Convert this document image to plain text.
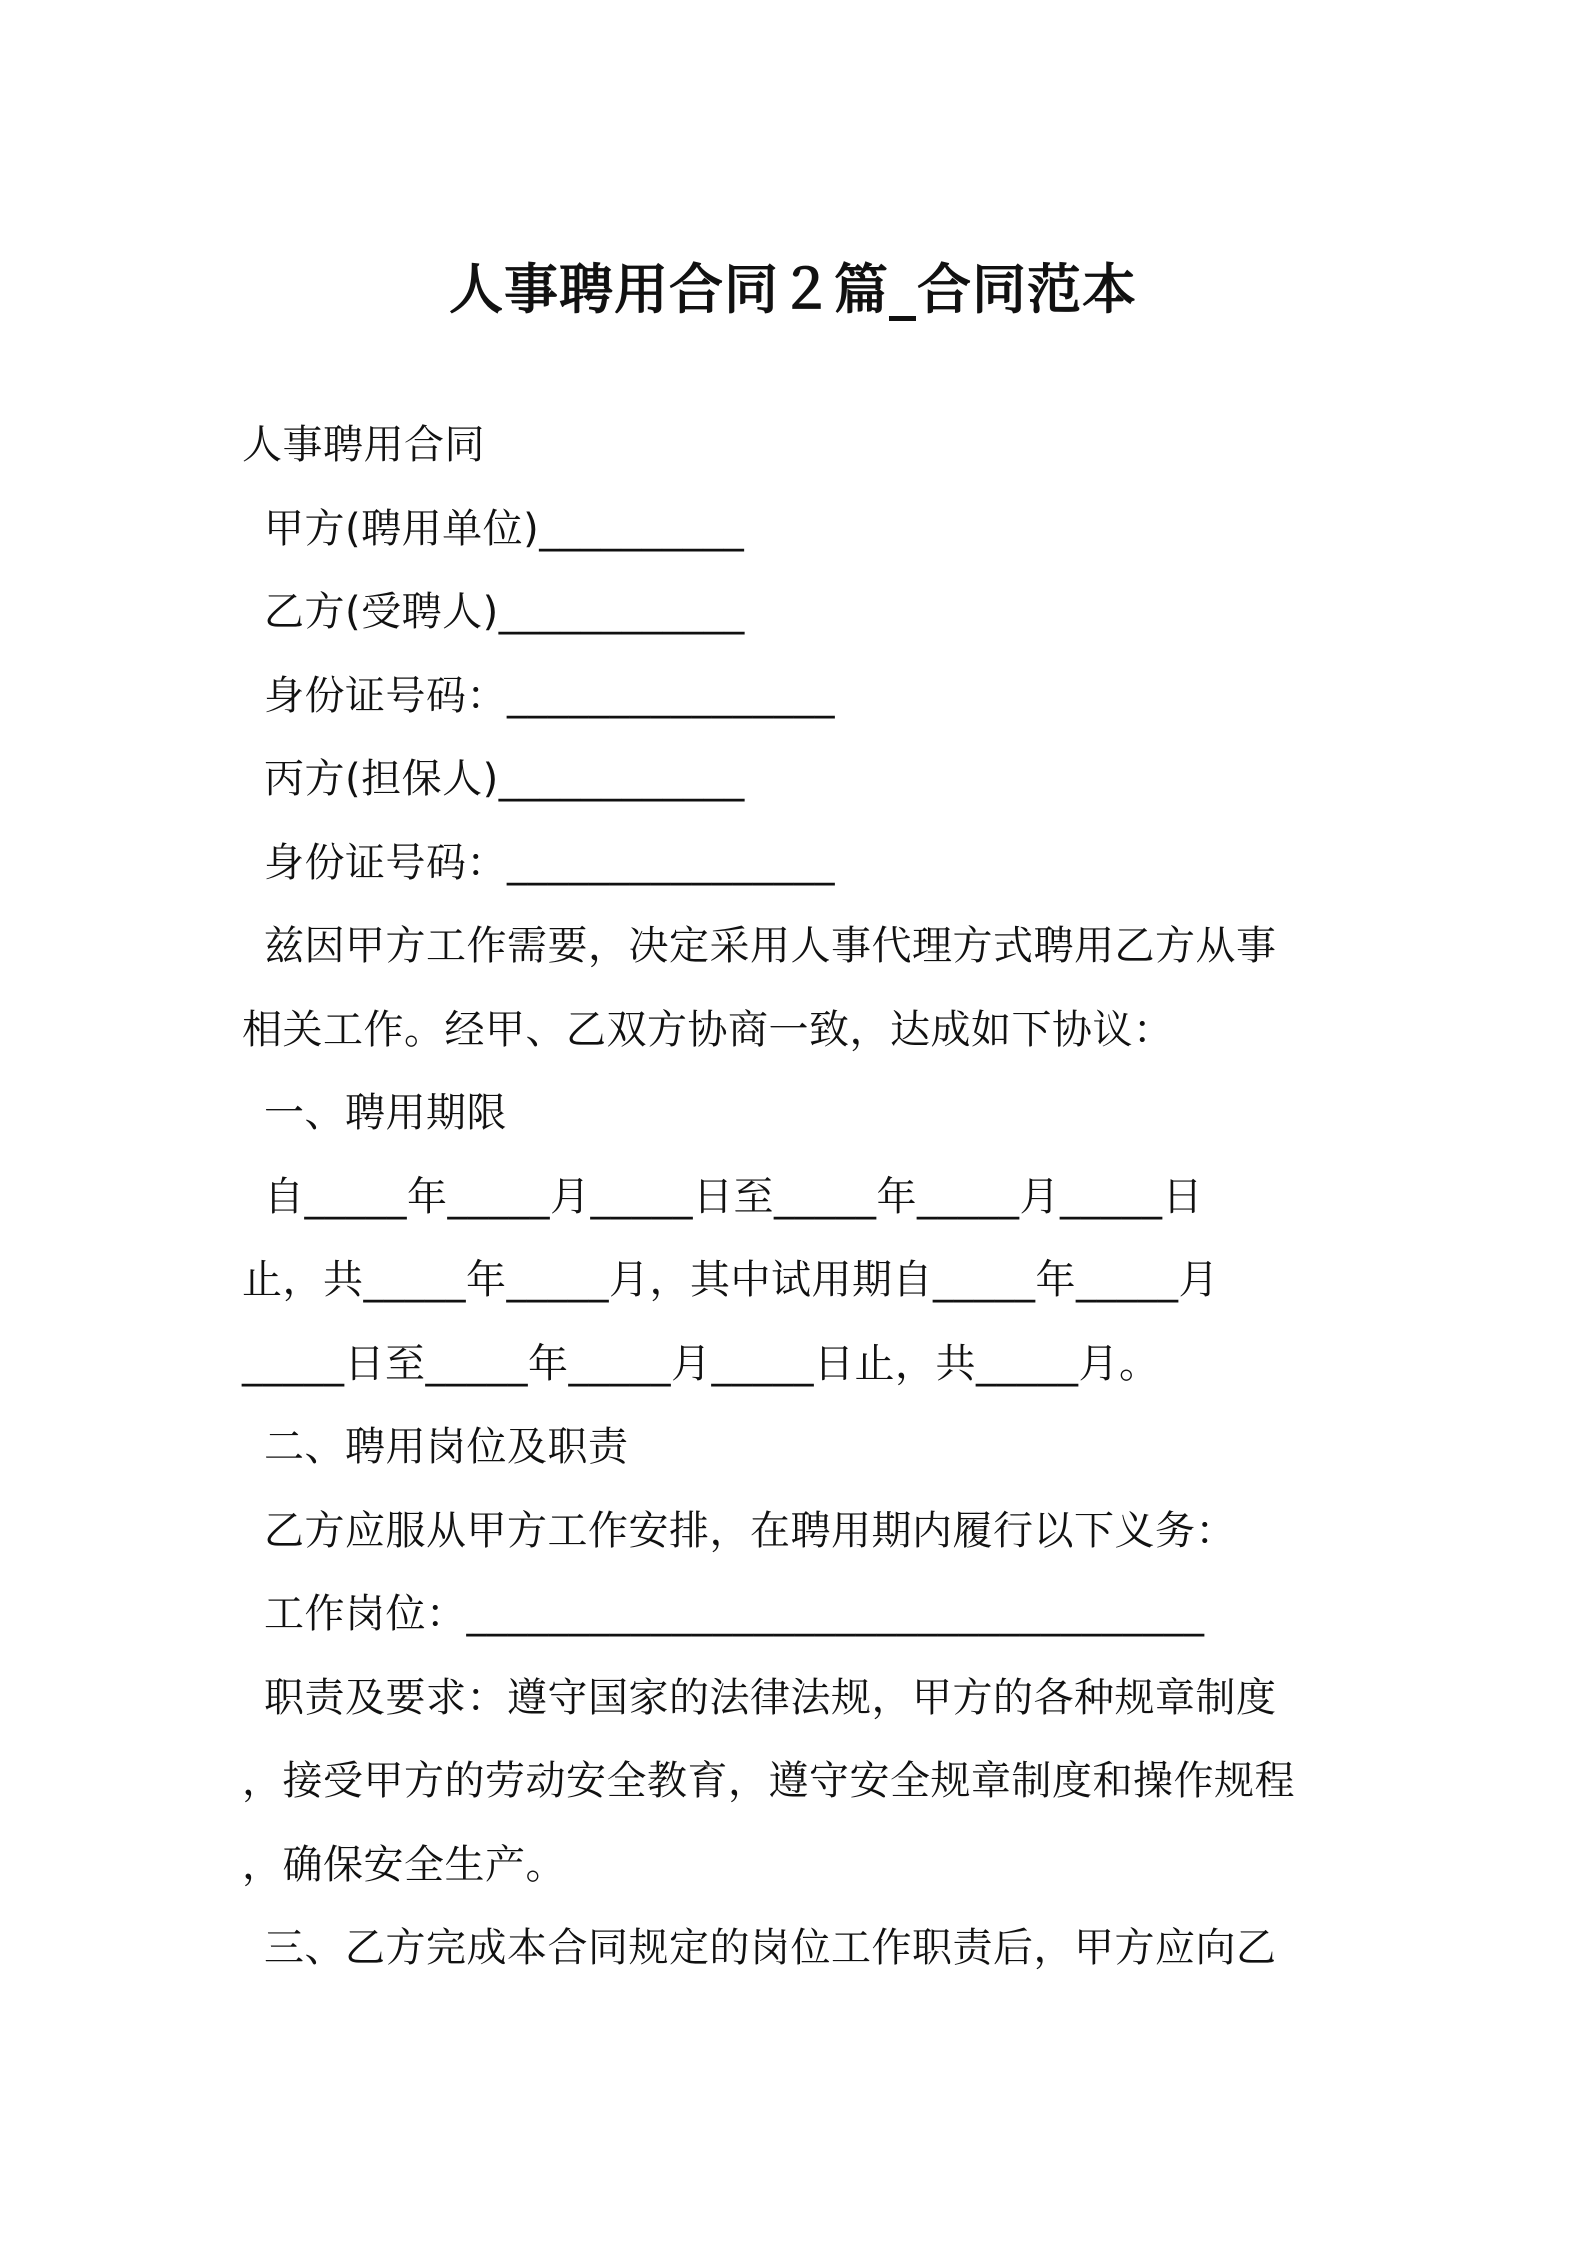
人事聘用合同２篇_合同范本
人事聘用合同
甲方(聘用单位)__________
乙方(受聘人)____________
身份证号码：________________
丙方(担保人)____________
身份证号码：________________
兹因甲方工作需要，决定采用人事代理方式聘用乙方从事
相关工作。经甲、乙双方协商一致，达成如下协议：
一、聘用期限
自_____年_____月_____日至_____年_____月_____日
止，共_____年_____月，其中试用期自_____年_____月
_____日至_____年_____月_____日止，共_____月。
二、聘用岗位及职责
乙方应服从甲方工作安排，在聘用期内履行以下义务：
工作岗位：____________________________________
职责及要求：遵守国家的法律法规，甲方的各种规章制度
，接受甲方的劳动安全教育，遵守安全规章制度和操作规程
，确保安全生产。
三、乙方完成本合同规定的岗位工作职责后，甲方应向乙
